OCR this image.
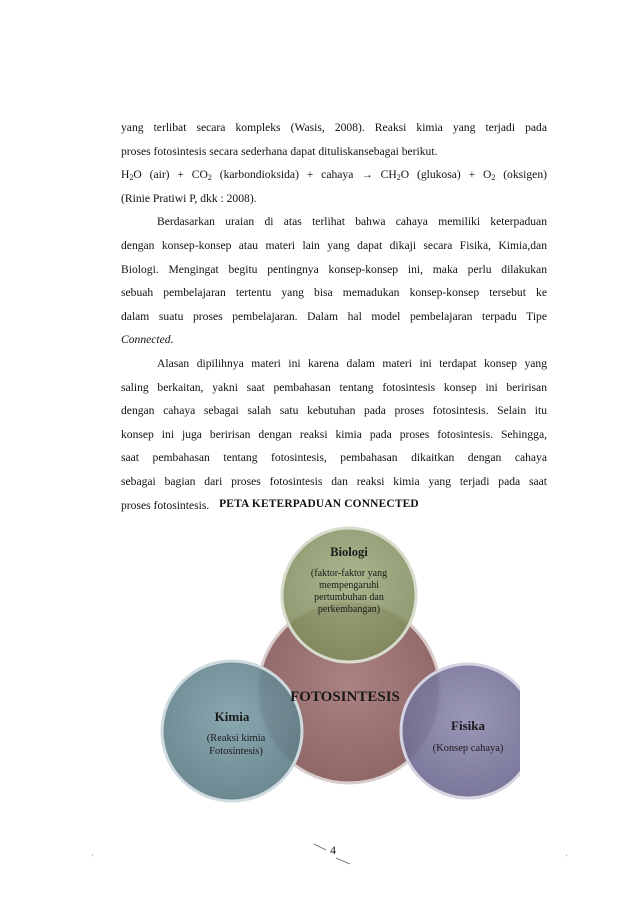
yang terlibat secara kompleks (Wasis, 2008). Reaksi kimia yang terjadi pada
proses fotosintesis secara sederhana dapat dituliskansebagai berikut.
$H_2O$ $(air) + CO_2$ (karbondioksida) + cahaya → $CH_2O$ (glukosa) + $O_2$ (oksigen)
(Rinie Pratiwi P, dkk : 2008).
Berdasarkan uraian di atas terlihat bahwa cahaya memiliki keterpaduan
dengan konsep-konsep atau materi lain yang dapat dikaji secara Fisika, Kimia,dan
Biologi. Mengingat begitu pentingnya konsep-konsep ini, maka perlu dilakukan
sebuah pembelajaran tertentu yang bisa memadukan konsep-konsep tersebut ke
dalam suatu proses pembelajaran. Dalam hal model pembelajaran terpadu Tipe
Connected.
Alasan dipilihnya materi ini karena dalam materi ini terdapat konsep yang
saling berkaitan, yakni saat pembahasan tentang fotosintesis konsep ini beririsan
dengan cahaya sebagai salah satu kebutuhan pada proses fotosintesis. Selain itu
konsep ini juga beririsan dengan reaksi kimia pada proses fotosintesis. Sehingga,
saat pembahasan tentang fotosintesis, pembahasan dikaitkan dengan cahaya
sebagai bagian dari proses fotosintesis dan reaksi kimia yang terjadi pada saat
proses fotosintesis. PETA KETERPADUAN CONNECTED
Biologi
(faktor-faktor yang
mempengaruhi
pertumbuhan dan
perkembangan)
FOTOSINTESIS
Kimia
(Reaksi kimia
Fotosintesis)
Fisika
(Konsep cahaya)
4
'	'
